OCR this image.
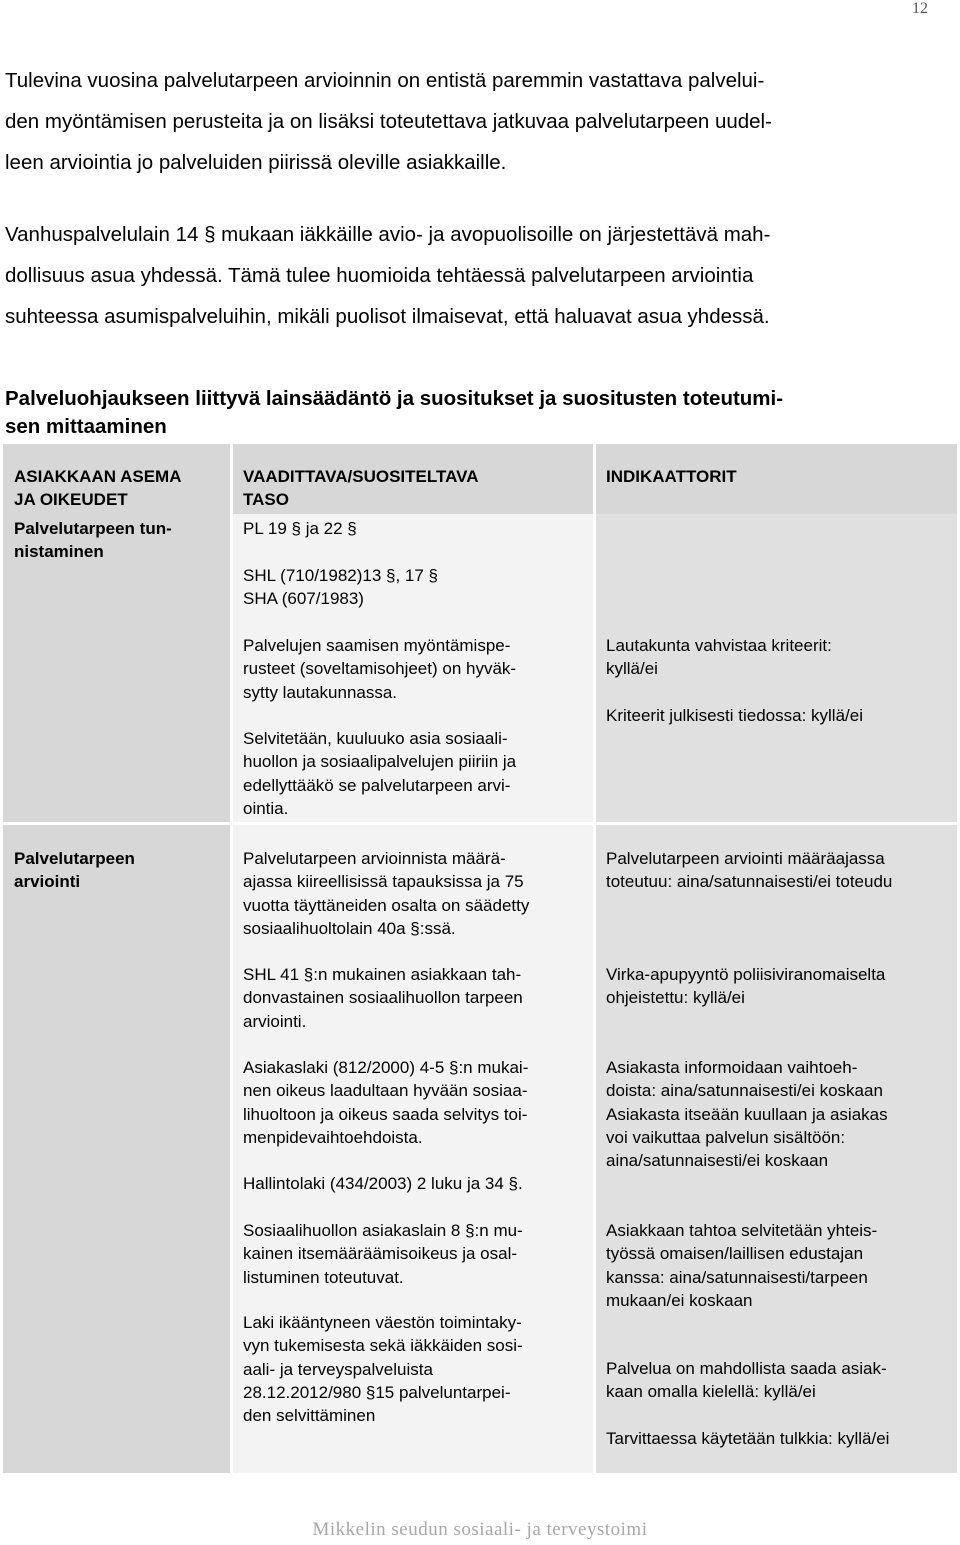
12
Tulevina vuosina palvelutarpeen arvioinnin on entistä paremmin vastattava palvelui-
den myöntämisen perusteita ja on lisäksi toteutettava jatkuvaa palvelutarpeen uudel-
leen arviointia jo palveluiden piirissä oleville asiakkaille.
Vanhuspalvelulain 14 § mukaan iäkkäille avio- ja avopuolisoille on järjestettävä mah-
dollisuus asua yhdessä. Tämä tulee huomioida tehtäessä palvelutarpeen arviointia
suhteessa asumispalveluihin, mikäli puolisot ilmaisevat, että haluavat asua yhdessä.
Palveluohjaukseen liittyvä lainsäädäntö ja suositukset ja suositusten toteutumi-
sen mittaaminen
ASIAKKAAN ASEMA
JA OIKEUDET
VAADITTAVA/SUOSITELTAVA
TASO
INDIKAATTORIT
Palvelutarpeen tun-
nistaminen
PL 19 § ja 22 §
SHL (710/1982)13 §, 17 §
SHA (607/1983)
Palvelujen saamisen myöntämispe-
rusteet (soveltamisohjeet) on hyväk-
sytty lautakunnassa.
Selvitetään, kuuluuko asia sosiaali-
huollon ja sosiaalipalvelujen piiriin ja
edellyttääkö se palvelutarpeen arvi-
ointia.
Lautakunta vahvistaa kriteerit:
kyllä/ei
Kriteerit julkisesti tiedossa: kyllä/ei
Palvelutarpeen
arviointi
Palvelutarpeen arvioinnista määrä-
ajassa kiireellisissä tapauksissa ja 75
vuotta täyttäneiden osalta on säädetty
sosiaalihuoltolain 40a §:ssä.
SHL 41 §:n mukainen asiakkaan tah-
donvastainen sosiaalihuollon tarpeen
arviointi.
Asiakaslaki (812/2000) 4-5 §:n mukai-
nen oikeus laadultaan hyvään sosiaa-
lihuoltoon ja oikeus saada selvitys toi-
menpidevaihtoehdoista.
Hallintolaki (434/2003) 2 luku ja 34 §.
Sosiaalihuollon asiakaslain 8 §:n mu-
kainen itsemääräämisoikeus ja osal-
listuminen toteutuvat.
Laki ikääntyneen väestön toimintaky-
vyn tukemisesta sekä iäkkäiden sosi-
aali- ja terveyspalveluista
28.12.2012/980 §15 palveluntarpei-
den selvittäminen
Palvelutarpeen arviointi määräajassa
toteutuu: aina/satunnaisesti/ei toteudu
Virka-apupyyntö poliisiviranomaiselta
ohjeistettu: kyllä/ei
Asiakasta informoidaan vaihtoeh-
doista: aina/satunnaisesti/ei koskaan
Asiakasta itseään kuullaan ja asiakas
voi vaikuttaa palvelun sisältöön:
aina/satunnaisesti/ei koskaan
Asiakkaan tahtoa selvitetään yhteis-
työssä omaisen/laillisen edustajan
kanssa: aina/satunnaisesti/tarpeen
mukaan/ei koskaan
Palvelua on mahdollista saada asiak-
kaan omalla kielellä: kyllä/ei
Tarvittaessa käytetään tulkkia: kyllä/ei
Mikkelin seudun sosiaali- ja terveystoimi
